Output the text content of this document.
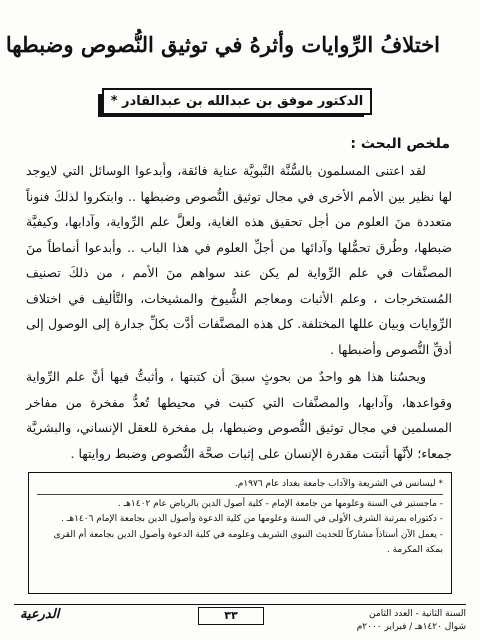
اختلافُ الرِّوايات وأثرهُ في توثيق النُّصوص وضبطها
الدكتور موفق بن عبدالله بن عبدالقادر *
ملخص البحث :

لقد اعتنى المسلمون بالسُّنَّة النَّبويَّة عناية فائقة، وأبدعوا الوسائل التي لايوجد لها نظير بين الأمم الأخرى في مجال توثيق النُّصوص وضبطها .. وابتكروا لذلكَ فنوناً متعددة منَ العلوم من أجل تحقيق هذه الغاية، ولعلَّ علم الرِّواية، وآدابها، وكيفيَّة ضبطها، وطُرق تحمُّلها وآدائها من أجلِّ العلوم في هذا الباب .. وأبدعوا أنماطاً منَ المصنَّفات في علم الرِّواية لم يكن عند سواهم منَ الأمم ، من ذلكَ تصنيف المُستخرجات ، وعلم الأثبات ومعاجم الشُّيوخ والمشيخات، والتَّأليف في اختلاف الرِّوايات وبيان عللها المختلفة. كل هذه المصنَّفات أدَّت بكلِّ جدارة إلى الوصول إلى أدقِّ النُّصوص وأضبطها .

ويحسُنا هذا هو واحدٌ من بحوثٍ سبقَ أن كتبتها ، وأثبتُّ فيها أنَّ علم الرِّواية وقواعدها، وآدابها، والمصنَّفات التي كتبت في محيطها تُعدُّ مفخرة من مفاخر المسلمين في مجال توثيق النُّصوص وضبطها، بل مفخرة للعقل الإنساني، والبشريَّة جمعاء؛ لأنَّها أثبتت مقدرة الإنسان على إثبات صحَّة النُّصوص وضبط روايتها .

* ليسانس في الشريعة والآداب جامعة بغداد عام ١٩٧٦م.

- ماجستير في السنة وعلومها من جامعة الإمام - كلية أصول الدين بالرياض عام ١٤٠٢هـ .

- دكتوراه بمرتبة الشرف الأولى في السنة وعلومها من كلية الدعوة وأصول الدين بجامعة الإمام ١٤٠٦هـ .

- يعمل الآن أستاذاً مشاركاً للحديث النبوي الشريف وعلومه في كلية الدعوة وأصول الدين بجامعة أم القرى بمكة المكرمة .

السنة الثانية - العدد الثامن
شوال ١٤٢٠هـ / فبراير ٢٠٠٠م
٣٣
الدرعية
